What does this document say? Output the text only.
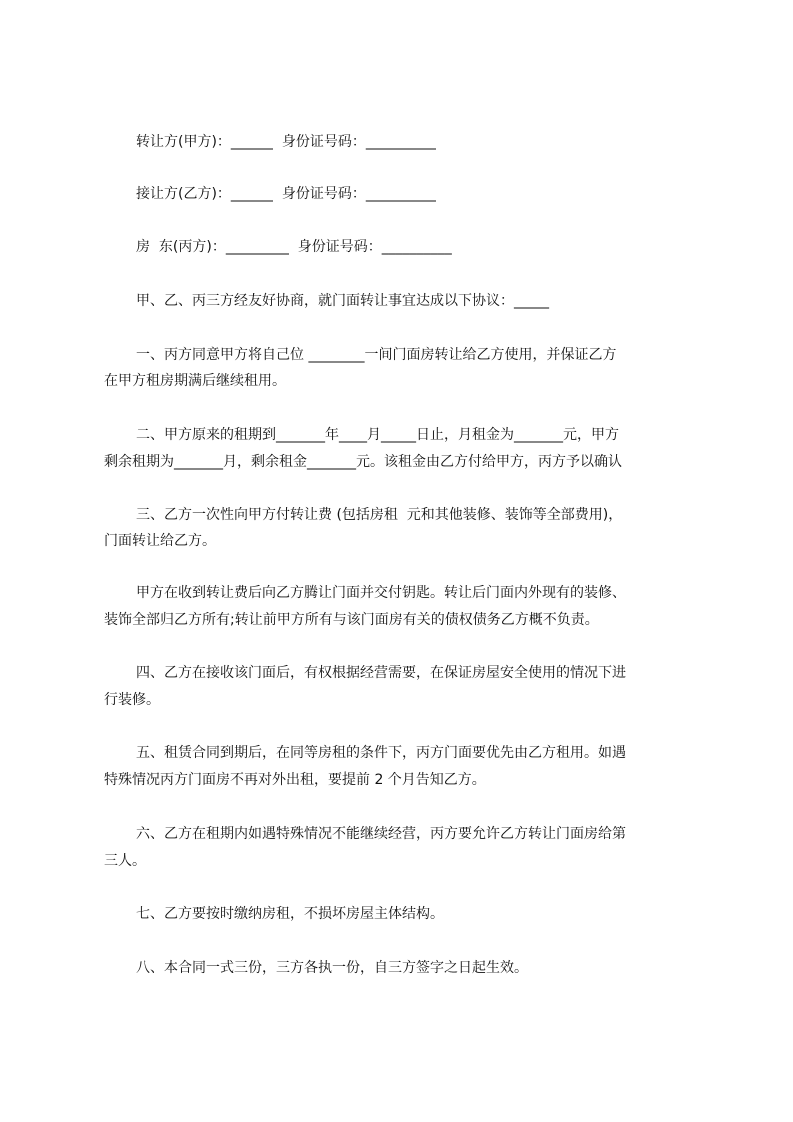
转让方(甲方)：______  身份证号码：__________
接让方(乙方)：______  身份证号码：__________
房  东(丙方)：_________  身份证号码：__________
甲、乙、丙三方经友好协商，就门面转让事宜达成以下协议：_____
一、丙方同意甲方将自己位 ________一间门面房转让给乙方使用，并保证乙方
在甲方租房期满后继续租用。
二、甲方原来的租期到_______年____月_____日止，月租金为_______元，甲方
剩余租期为_______月，剩余租金_______元。该租金由乙方付给甲方，丙方予以确认
三、乙方一次性向甲方付转让费 (包括房租  元和其他装修、装饰等全部费用)，
门面转让给乙方。
甲方在收到转让费后向乙方腾让门面并交付钥匙。转让后门面内外现有的装修、
装饰全部归乙方所有;转让前甲方所有与该门面房有关的债权债务乙方概不负责。
四、乙方在接收该门面后，有权根据经营需要，在保证房屋安全使用的情况下进
行装修。
五、租赁合同到期后，在同等房租的条件下，丙方门面要优先由乙方租用。如遇
特殊情况丙方门面房不再对外出租，要提前 2 个月告知乙方。
六、乙方在租期内如遇特殊情况不能继续经营，丙方要允许乙方转让门面房给第
三人。
七、乙方要按时缴纳房租，不损坏房屋主体结构。
八、本合同一式三份，三方各执一份，自三方签字之日起生效。
